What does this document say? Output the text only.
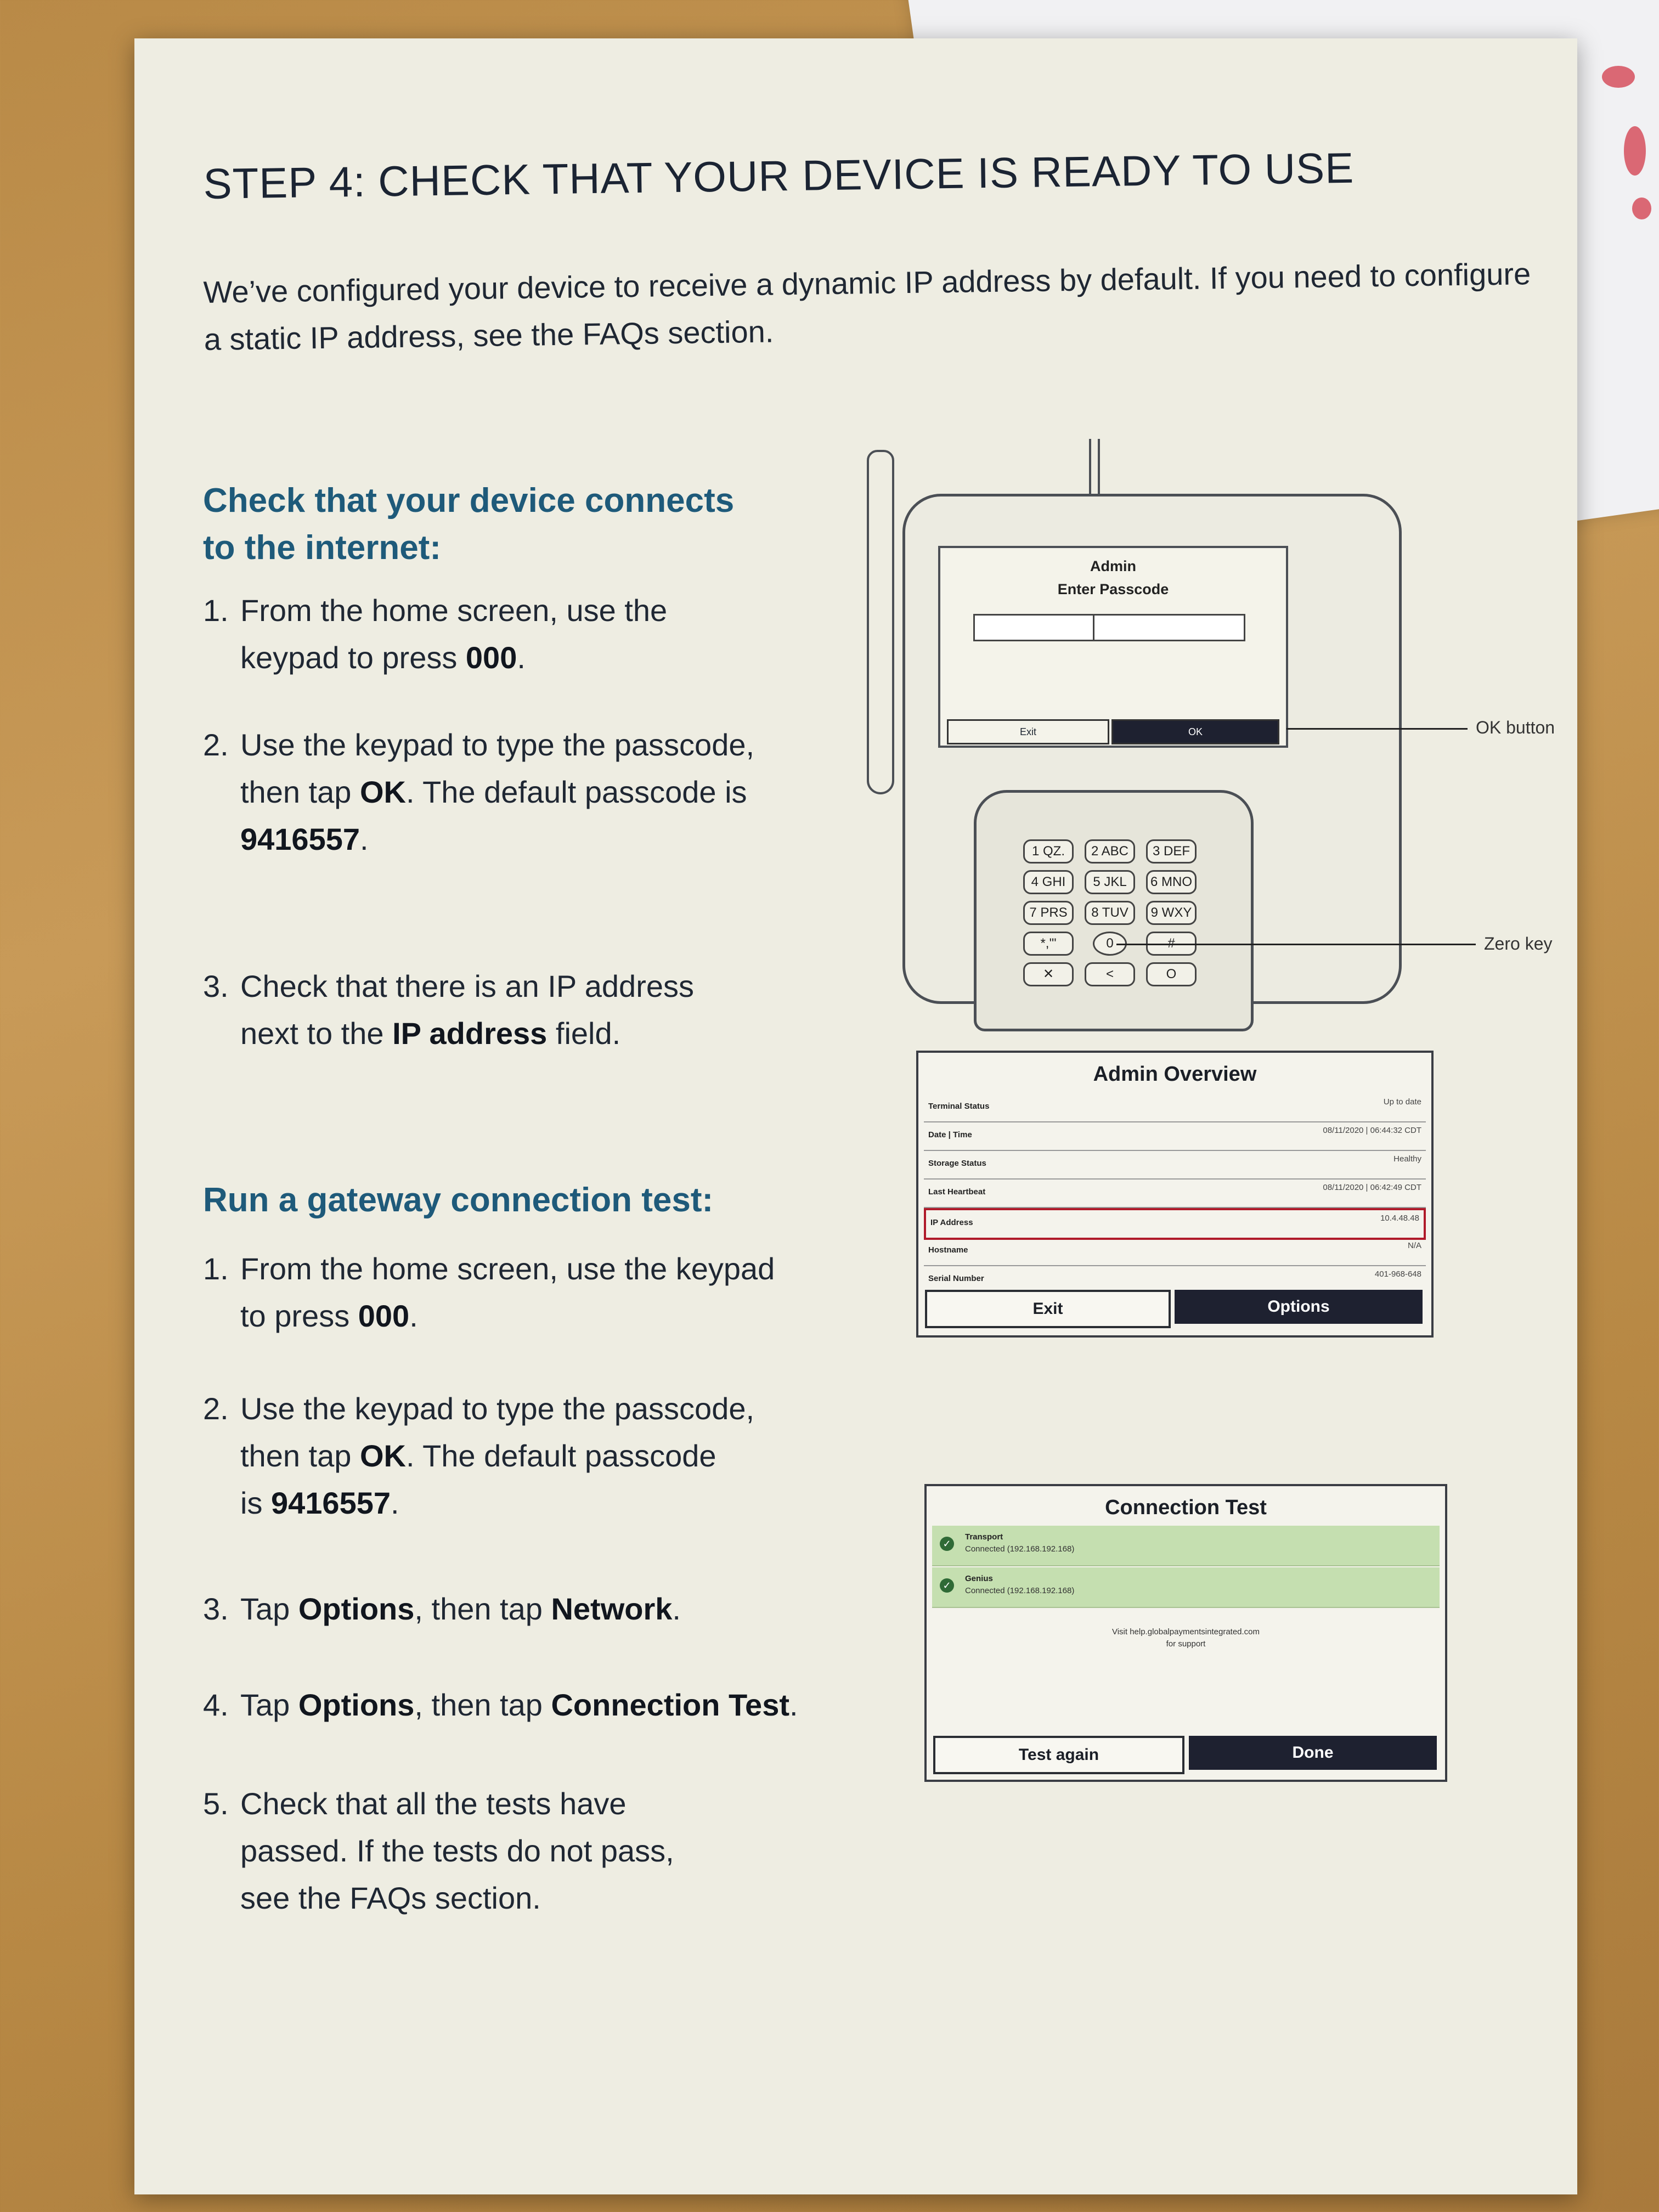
STEP 4: CHECK THAT YOUR DEVICE IS READY TO USE
We’ve configured your device to receive a dynamic IP address by default. If you need to configure a static IP address, see the FAQs section.
Check that your device connects
to the internet:
1. From the home screen, use the
keypad to press 000.
2. Use the keypad to type the passcode,
then tap OK. The default passcode is
9416557.
3. Check that there is an IP address
next to the IP address field.
Run a gateway connection test:
1. From the home screen, use the keypad
to press 000.
2. Use the keypad to type the passcode,
then tap OK. The default passcode
is 9416557.
3. Tap Options, then tap Network.
4. Tap Options, then tap Connection Test.
5. Check that all the tests have
passed. If the tests do not pass,
see the FAQs section.
Admin
Enter Passcode
Exit	OK
1 QZ.	2 ABC	3 DEF
4 GHI	5 JKL	6 MNO
7 PRS	8 TUV	9 WXY
*,'"	0
✕	<	O
OK button
Zero key
Admin Overview
Terminal Status	Up to date
Date | Time	08/11/2020 | 06:44:32 CDT
Storage Status	Healthy
Last Heartbeat	08/11/2020 | 06:42:49 CDT
IP Address	10.4.48.48
Hostname	N/A
Serial Number	401-968-648
Exit	Options
Connection Test
✓
Transport
Connected (192.168.192.168)
✓
Genius
Connected (192.168.192.168)
Visit help.globalpaymentsintegrated.com
for support
Test again	Done
